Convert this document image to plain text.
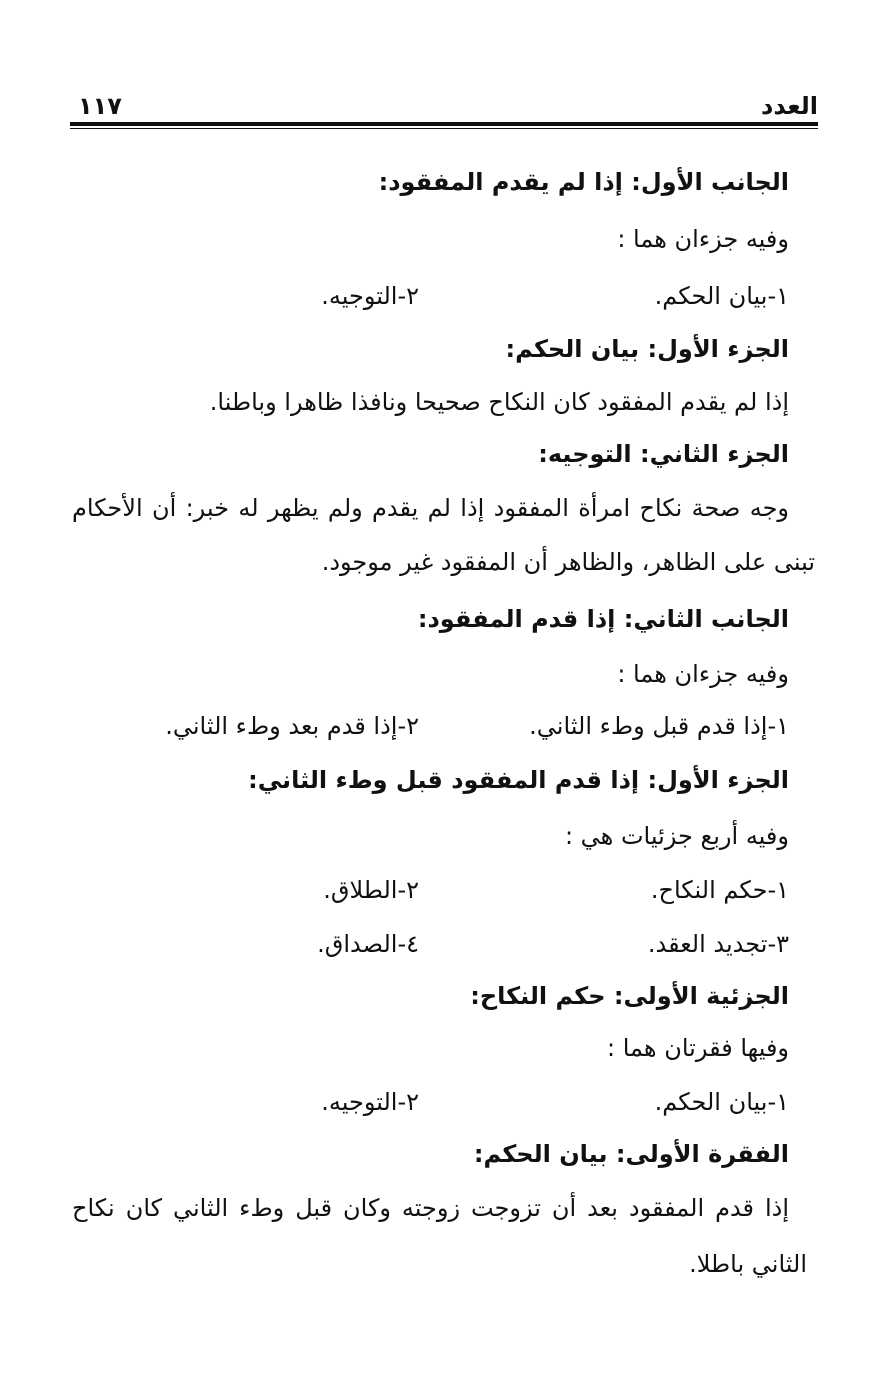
العدد
١١٧
الجانب الأول: إذا لم يقدم المفقود:
وفيه جزءان هما :
١-بيان الحكم.
٢-التوجيه.
الجزء الأول: بيان الحكم:
إذا لم يقدم المفقود كان النكاح صحيحا ونافذا ظاهرا وباطنا.
الجزء الثاني: التوجيه:
وجه صحة نكاح امرأة المفقود إذا لم يقدم ولم يظهر له خبر: أن الأحكام
تبنى على الظاهر، والظاهر أن المفقود غير موجود.
الجانب الثاني: إذا قدم المفقود:
وفيه جزءان هما :
١-إذا قدم قبل وطء الثاني.
٢-إذا قدم بعد وطء الثاني.
الجزء الأول: إذا قدم المفقود قبل وطء الثاني:
وفيه أربع جزئيات هي :
١-حكم النكاح.
٢-الطلاق.
٣-تجديد العقد.
٤-الصداق.
الجزئية الأولى: حكم النكاح:
وفيها فقرتان هما :
١-بيان الحكم.
٢-التوجيه.
الفقرة الأولى: بيان الحكم:
إذا قدم المفقود بعد أن تزوجت زوجته وكان قبل وطء الثاني كان نكاح
الثاني باطلا.
